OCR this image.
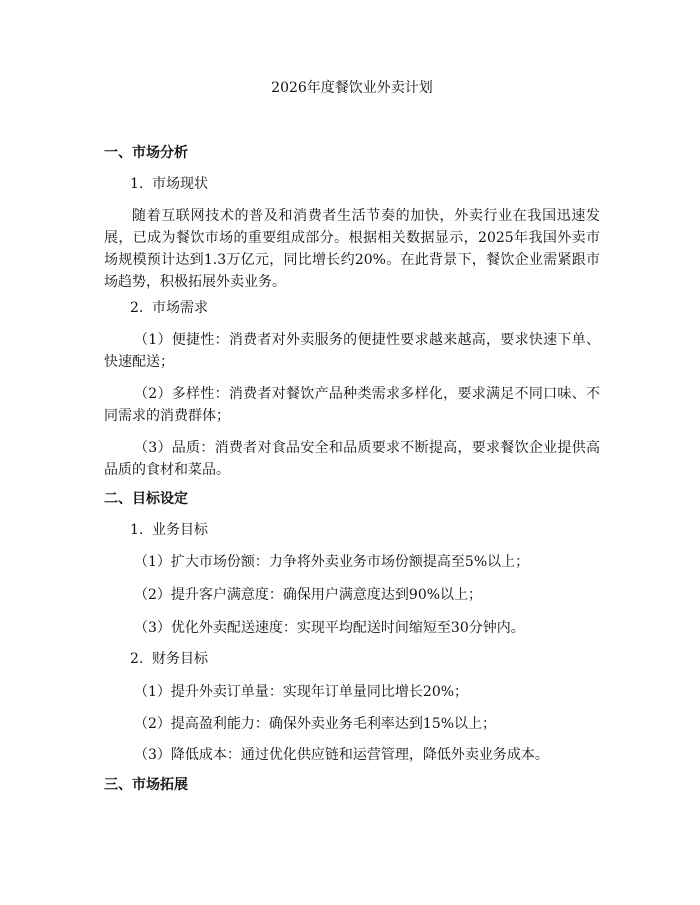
2026年度餐饮业外卖计划
一、市场分析
1. 市场现状
随着互联网技术的普及和消费者生活节奏的加快，外卖行业在我国迅速发展，已成为餐饮市场的重要组成部分。根据相关数据显示，2025年我国外卖市场规模预计达到1.3万亿元，同比增长约20%。在此背景下，餐饮企业需紧跟市场趋势，积极拓展外卖业务。
2. 市场需求
（1）便捷性：消费者对外卖服务的便捷性要求越来越高，要求快速下单、快速配送；
（2）多样性：消费者对餐饮产品种类需求多样化，要求满足不同口味、不同需求的消费群体；
（3）品质：消费者对食品安全和品质要求不断提高，要求餐饮企业提供高品质的食材和菜品。
二、目标设定
1. 业务目标
（1）扩大市场份额：力争将外卖业务市场份额提高至5%以上；
（2）提升客户满意度：确保用户满意度达到90%以上；
（3）优化外卖配送速度：实现平均配送时间缩短至30分钟内。
2. 财务目标
（1）提升外卖订单量：实现年订单量同比增长20%；
（2）提高盈利能力：确保外卖业务毛利率达到15%以上；
（3）降低成本：通过优化供应链和运营管理，降低外卖业务成本。
三、市场拓展
